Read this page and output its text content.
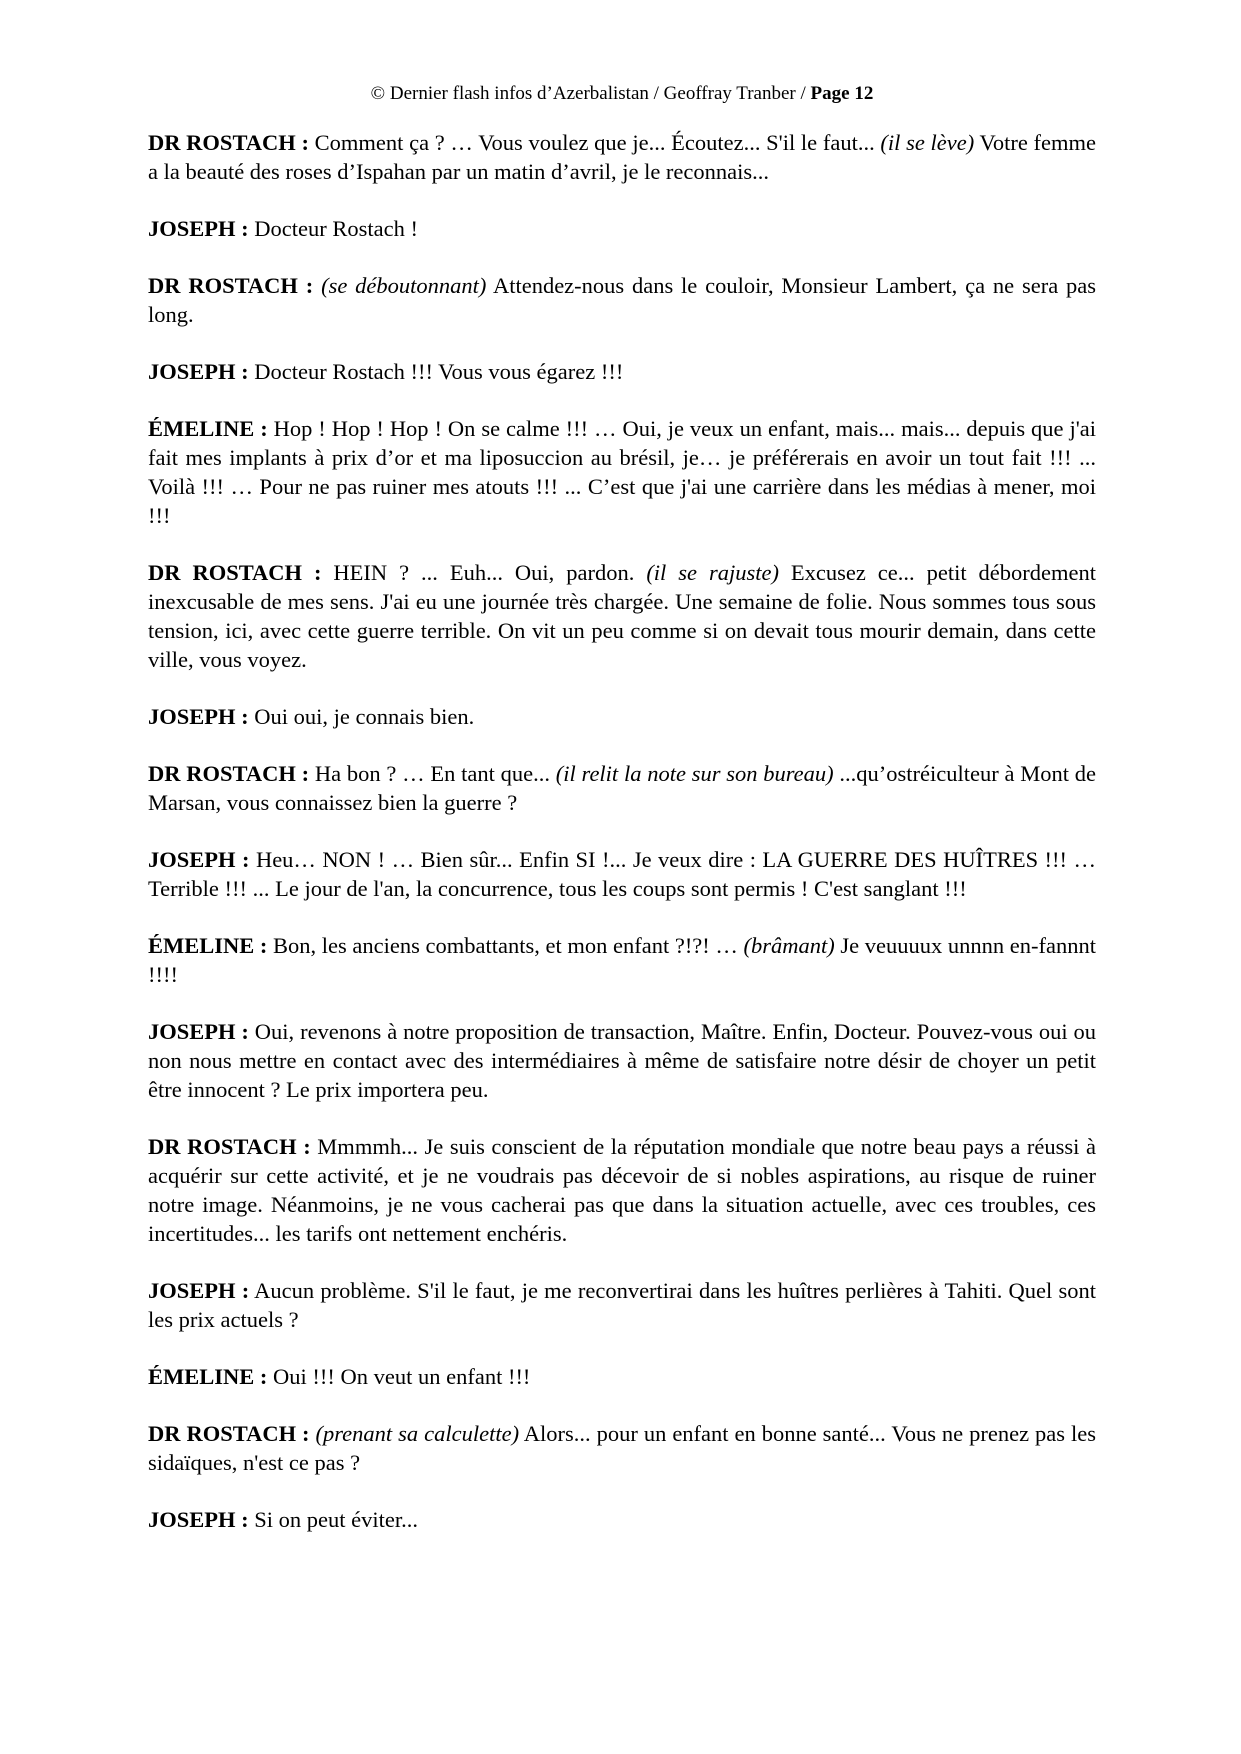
© Dernier flash infos d’Azerbalistan / Geoffray Tranber / Page 12

DR ROSTACH : Comment ça ? … Vous voulez que je... Écoutez... S'il le faut... (il se lève) Votre femme a la beauté des roses d’Ispahan par un matin d’avril, je le reconnais...

JOSEPH : Docteur Rostach !

DR ROSTACH : (se déboutonnant) Attendez-nous dans le couloir, Monsieur Lambert, ça ne sera pas long.

JOSEPH : Docteur Rostach !!! Vous vous égarez !!!

ÉMELINE : Hop ! Hop ! Hop ! On se calme !!! … Oui, je veux un enfant, mais... mais... depuis que j'ai fait mes implants à prix d’or et ma liposuccion au brésil, je… je préférerais en avoir un tout fait !!! ... Voilà !!! … Pour ne pas ruiner mes atouts !!! ... C’est que j'ai une carrière dans les médias à mener, moi !!!

DR ROSTACH : HEIN ? ... Euh... Oui, pardon. (il se rajuste) Excusez ce... petit débordement inexcusable de mes sens. J'ai eu une journée très chargée. Une semaine de folie. Nous sommes tous sous tension, ici, avec cette guerre terrible. On vit un peu comme si on devait tous mourir demain, dans cette ville, vous voyez.

JOSEPH : Oui oui, je connais bien.

DR ROSTACH : Ha bon ? … En tant que... (il relit la note sur son bureau) ...qu’ostréiculteur à Mont de Marsan, vous connaissez bien la guerre ?

JOSEPH : Heu… NON ! … Bien sûr... Enfin SI !... Je veux dire : LA GUERRE DES HUÎTRES !!! … Terrible !!! ... Le jour de l'an, la concurrence, tous les coups sont permis ! C'est sanglant !!!

ÉMELINE : Bon, les anciens combattants, et mon enfant ?!?! … (brâmant) Je veuuuux unnnn en-fannnt !!!!

JOSEPH : Oui, revenons à notre proposition de transaction, Maître. Enfin, Docteur. Pouvez-vous oui ou non nous mettre en contact avec des intermédiaires à même de satisfaire notre désir de choyer un petit être innocent ? Le prix importera peu.

DR ROSTACH : Mmmmh... Je suis conscient de la réputation mondiale que notre beau pays a réussi à acquérir sur cette activité, et je ne voudrais pas décevoir de si nobles aspirations, au risque de ruiner notre image. Néanmoins, je ne vous cacherai pas que dans la situation actuelle, avec ces troubles, ces incertitudes... les tarifs ont nettement enchéris.

JOSEPH : Aucun problème. S'il le faut, je me reconvertirai dans les huîtres perlières à Tahiti. Quel sont les prix actuels ?

ÉMELINE : Oui !!! On veut un enfant !!!

DR ROSTACH : (prenant sa calculette) Alors... pour un enfant en bonne santé... Vous ne prenez pas les sidaïques, n'est ce pas ?

JOSEPH : Si on peut éviter...
